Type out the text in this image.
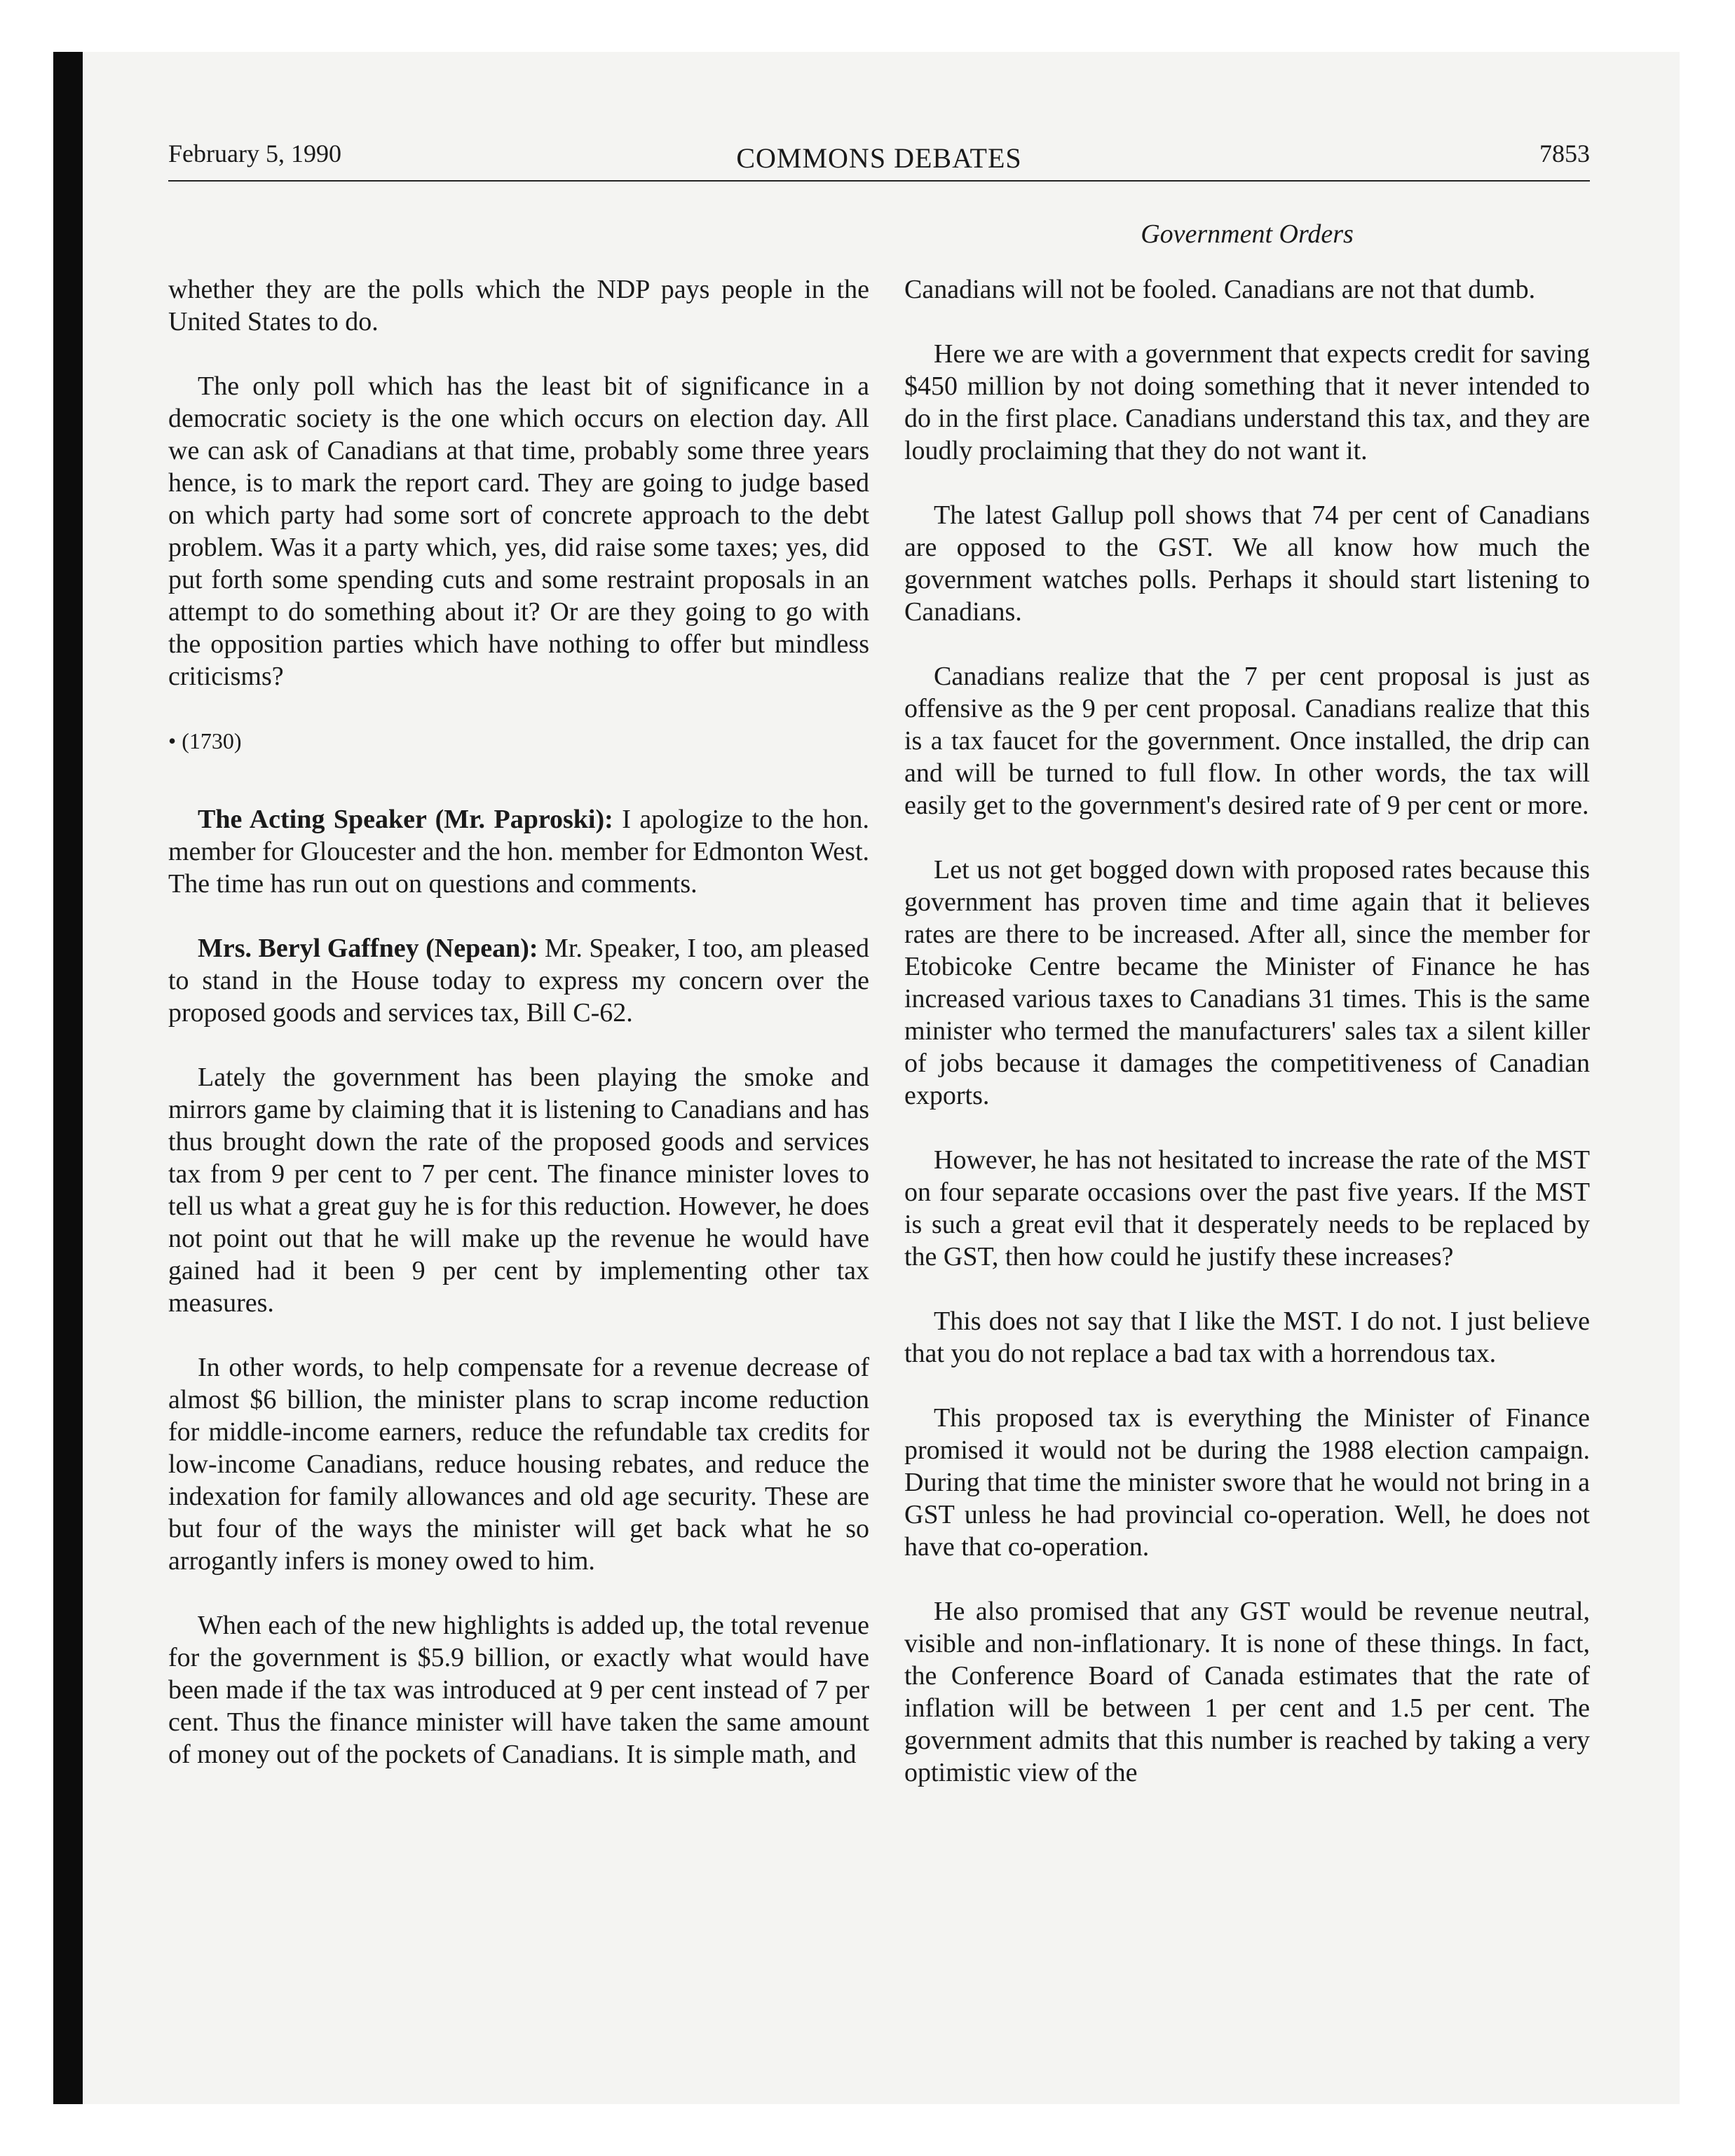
February 5, 1990	COMMONS DEBATES	7853
Government Orders

whether they are the polls which the NDP pays people in the United States to do.

The only poll which has the least bit of significance in a democratic society is the one which occurs on election day. All we can ask of Canadians at that time, probably some three years hence, is to mark the report card. They are going to judge based on which party had some sort of concrete approach to the debt problem. Was it a party which, yes, did raise some taxes; yes, did put forth some spending cuts and some restraint proposals in an attempt to do something about it? Or are they going to go with the opposition parties which have nothing to offer but mindless criticisms?

• (1730)

The Acting Speaker (Mr. Paproski): I apologize to the hon. member for Gloucester and the hon. member for Edmonton West. The time has run out on questions and comments.

Mrs. Beryl Gaffney (Nepean): Mr. Speaker, I too, am pleased to stand in the House today to express my concern over the proposed goods and services tax, Bill C-62.

Lately the government has been playing the smoke and mirrors game by claiming that it is listening to Canadians and has thus brought down the rate of the proposed goods and services tax from 9 per cent to 7 per cent. The finance minister loves to tell us what a great guy he is for this reduction. However, he does not point out that he will make up the revenue he would have gained had it been 9 per cent by implementing other tax measures.

In other words, to help compensate for a revenue decrease of almost $6 billion, the minister plans to scrap income reduction for middle-income earners, reduce the refundable tax credits for low-income Canadians, reduce housing rebates, and reduce the indexation for family allowances and old age security. These are but four of the ways the minister will get back what he so arrogantly infers is money owed to him.

When each of the new highlights is added up, the total revenue for the government is $5.9 billion, or exactly what would have been made if the tax was introduced at 9 per cent instead of 7 per cent. Thus the finance minister will have taken the same amount of money out of the pockets of Canadians. It is simple math, and

Canadians will not be fooled. Canadians are not that dumb.

Here we are with a government that expects credit for saving $450 million by not doing something that it never intended to do in the first place. Canadians understand this tax, and they are loudly proclaiming that they do not want it.

The latest Gallup poll shows that 74 per cent of Canadians are opposed to the GST. We all know how much the government watches polls. Perhaps it should start listening to Canadians.

Canadians realize that the 7 per cent proposal is just as offensive as the 9 per cent proposal. Canadians realize that this is a tax faucet for the government. Once installed, the drip can and will be turned to full flow. In other words, the tax will easily get to the government's desired rate of 9 per cent or more.

Let us not get bogged down with proposed rates because this government has proven time and time again that it believes rates are there to be increased. After all, since the member for Etobicoke Centre became the Minister of Finance he has increased various taxes to Canadians 31 times. This is the same minister who termed the manufacturers' sales tax a silent killer of jobs because it damages the competitiveness of Canadian exports.

However, he has not hesitated to increase the rate of the MST on four separate occasions over the past five years. If the MST is such a great evil that it desperately needs to be replaced by the GST, then how could he justify these increases?

This does not say that I like the MST. I do not. I just believe that you do not replace a bad tax with a horrendous tax.

This proposed tax is everything the Minister of Finance promised it would not be during the 1988 election campaign. During that time the minister swore that he would not bring in a GST unless he had provincial co-operation. Well, he does not have that co-operation.

He also promised that any GST would be revenue neutral, visible and non-inflationary. It is none of these things. In fact, the Conference Board of Canada estimates that the rate of inflation will be between 1 per cent and 1.5 per cent. The government admits that this number is reached by taking a very optimistic view of the
